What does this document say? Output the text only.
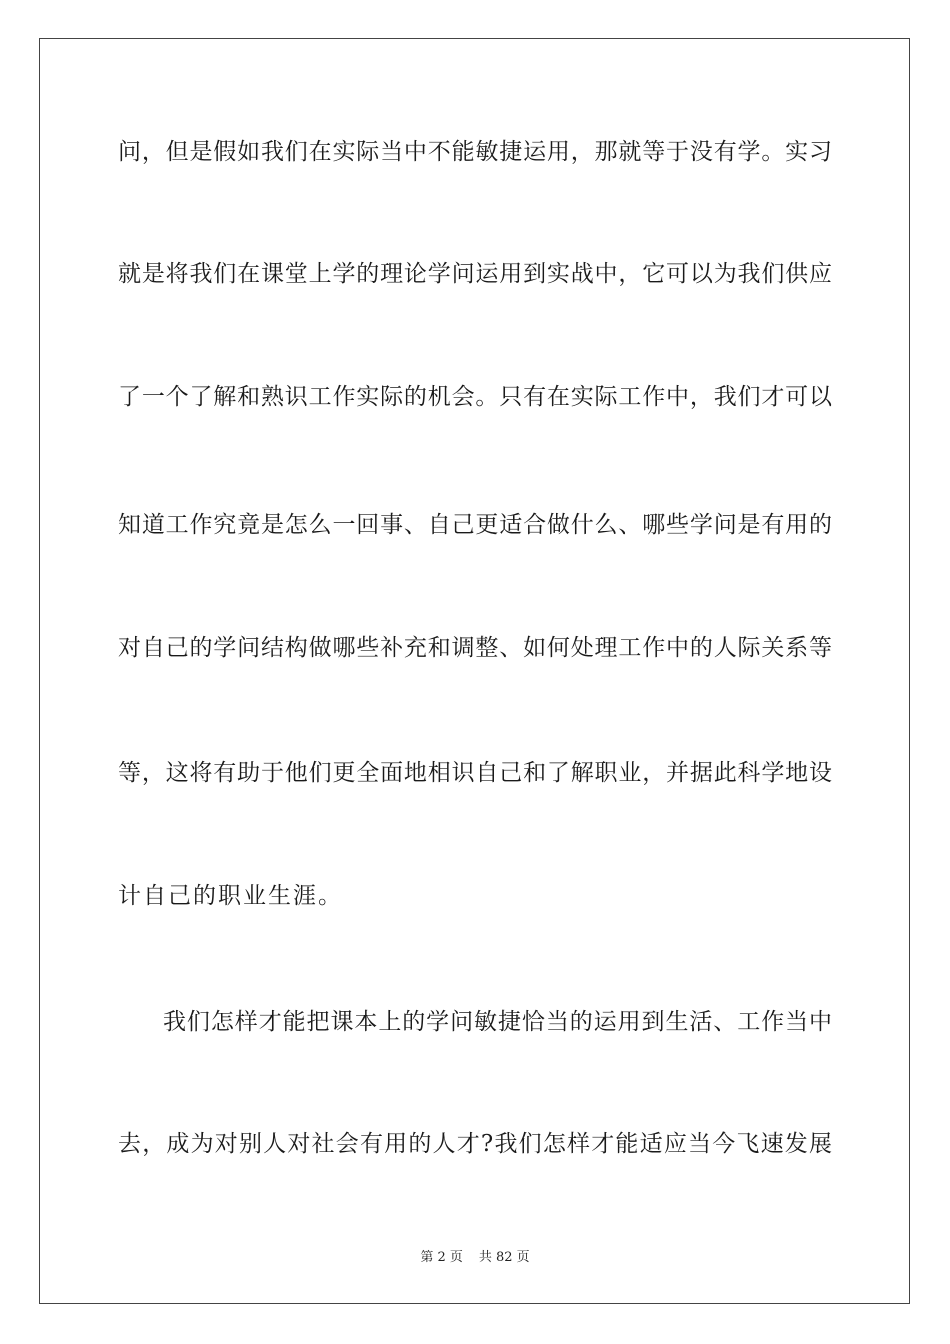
问，但是假如我们在实际当中不能敏捷运用，那就等于没有学。实习
就是将我们在课堂上学的理论学问运用到实战中，它可以为我们供应
了一个了解和熟识工作实际的机会。只有在实际工作中，我们才可以
知道工作究竟是怎么一回事、自己更适合做什么、哪些学问是有用的
对自己的学问结构做哪些补充和调整、如何处理工作中的人际关系等
等，这将有助于他们更全面地相识自己和了解职业，并据此科学地设
计自己的职业生涯。
我们怎样才能把课本上的学问敏捷恰当的运用到生活、工作当中
去，成为对别人对社会有用的人才?我们怎样才能适应当今飞速发展
第 2 页 共 82 页
